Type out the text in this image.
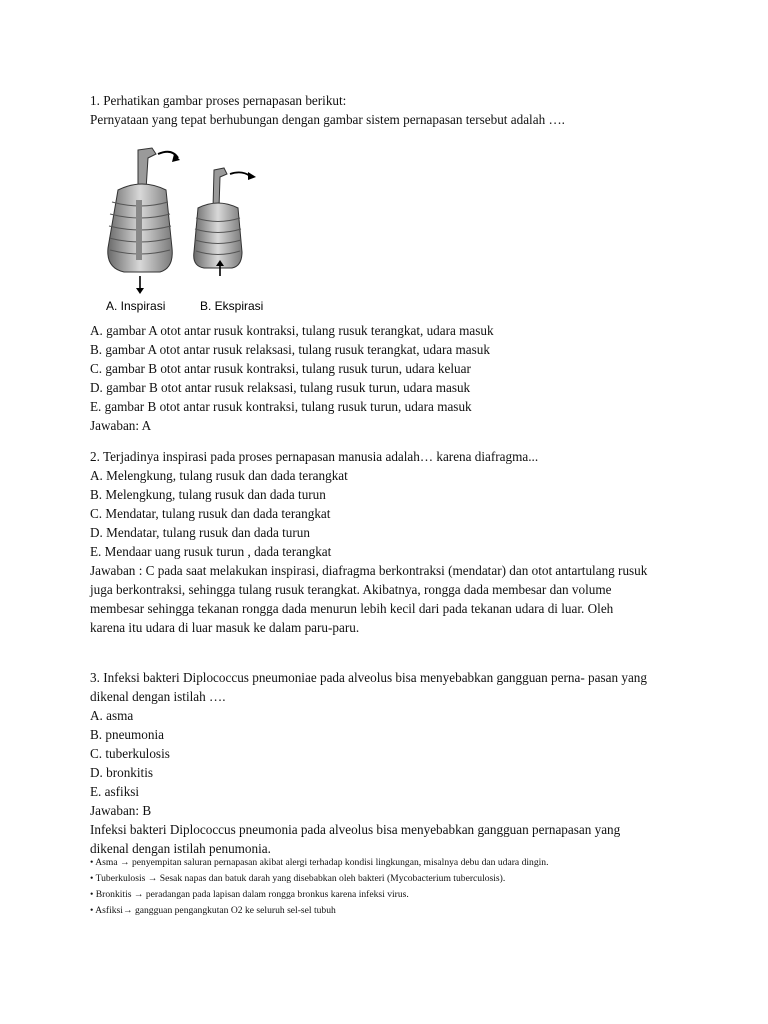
1. Perhatikan gambar proses pernapasan berikut:
Pernyataan yang tepat berhubungan dengan gambar sistem pernapasan tersebut adalah ….
A. Inspirasi	B. Ekspirasi
A. gambar A otot antar rusuk kontraksi, tulang rusuk terangkat, udara masuk
B. gambar A otot antar rusuk relaksasi, tulang rusuk terangkat, udara masuk
C. gambar B otot antar rusuk kontraksi, tulang rusuk turun, udara keluar
D. gambar B otot antar rusuk relaksasi, tulang rusuk turun, udara masuk
E. gambar B otot antar rusuk kontraksi, tulang rusuk turun, udara masuk
Jawaban: A
2. Terjadinya inspirasi pada proses pernapasan manusia adalah… karena diafragma...
A. Melengkung, tulang rusuk dan dada terangkat
B. Melengkung, tulang rusuk dan dada turun
C. Mendatar, tulang rusuk dan dada terangkat
D. Mendatar, tulang rusuk dan dada turun
E. Mendaar uang rusuk turun , dada terangkat
Jawaban : C pada saat melakukan inspirasi, diafragma berkontraksi (mendatar) dan otot antartulang rusuk
juga berkontraksi, sehingga tulang rusuk terangkat. Akibatnya, rongga dada membesar dan volume
membesar sehingga tekanan rongga dada menurun lebih kecil dari pada tekanan udara di luar. Oleh
karena itu udara di luar masuk ke dalam paru-paru.
3. Infeksi bakteri Diplococcus pneumoniae pada alveolus bisa menyebabkan gangguan perna- pasan yang
dikenal dengan istilah ….
A. asma
B. pneumonia
C. tuberkulosis
D. bronkitis
E. asfiksi
Jawaban: B
Infeksi bakteri Diplococcus pneumonia pada alveolus bisa menyebabkan gangguan pernapasan yang
dikenal dengan istilah penumonia.
• Asma → penyempitan saluran pernapasan akibat alergi terhadap kondisi lingkungan, misalnya debu dan udara dingin.
• Tuberkulosis → Sesak napas dan batuk darah yang disebabkan oleh bakteri (Mycobacterium tuberculosis).
• Bronkitis → peradangan pada lapisan dalam rongga bronkus karena infeksi virus.
• Asfiksi→ gangguan pengangkutan O2 ke seluruh sel-sel tubuh
